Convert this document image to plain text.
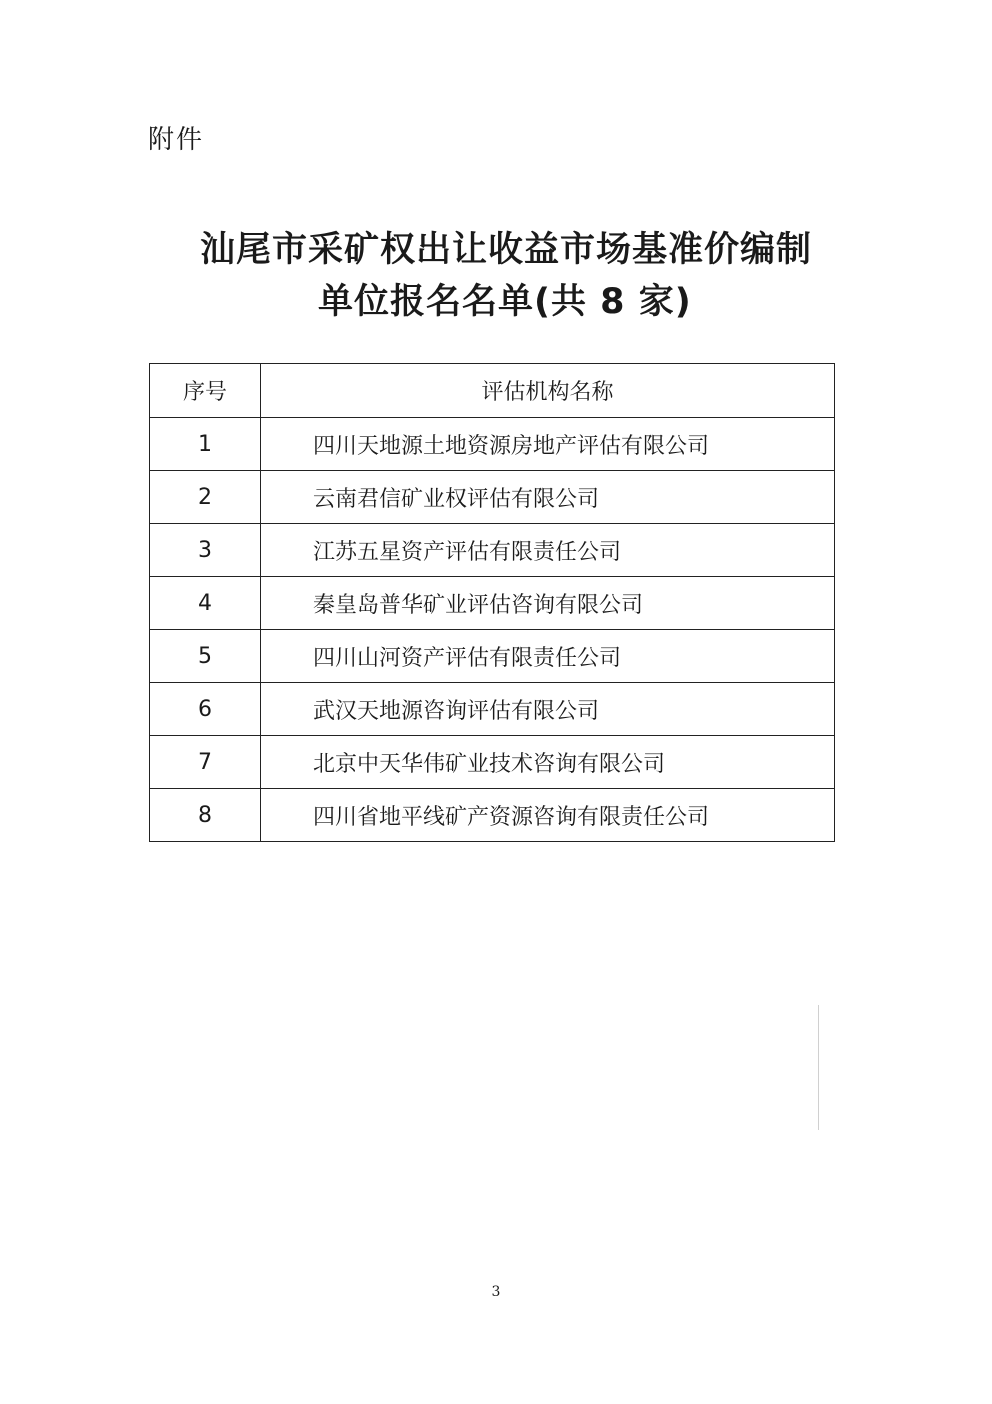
附件
汕尾市采矿权出让收益市场基准价编制
单位报名名单(共 8 家)
序号	评估机构名称
1	四川天地源土地资源房地产评估有限公司
2	云南君信矿业权评估有限公司
3	江苏五星资产评估有限责任公司
4	秦皇岛普华矿业评估咨询有限公司
5	四川山河资产评估有限责任公司
6	武汉天地源咨询评估有限公司
7	北京中天华伟矿业技术咨询有限公司
8	四川省地平线矿产资源咨询有限责任公司
3
